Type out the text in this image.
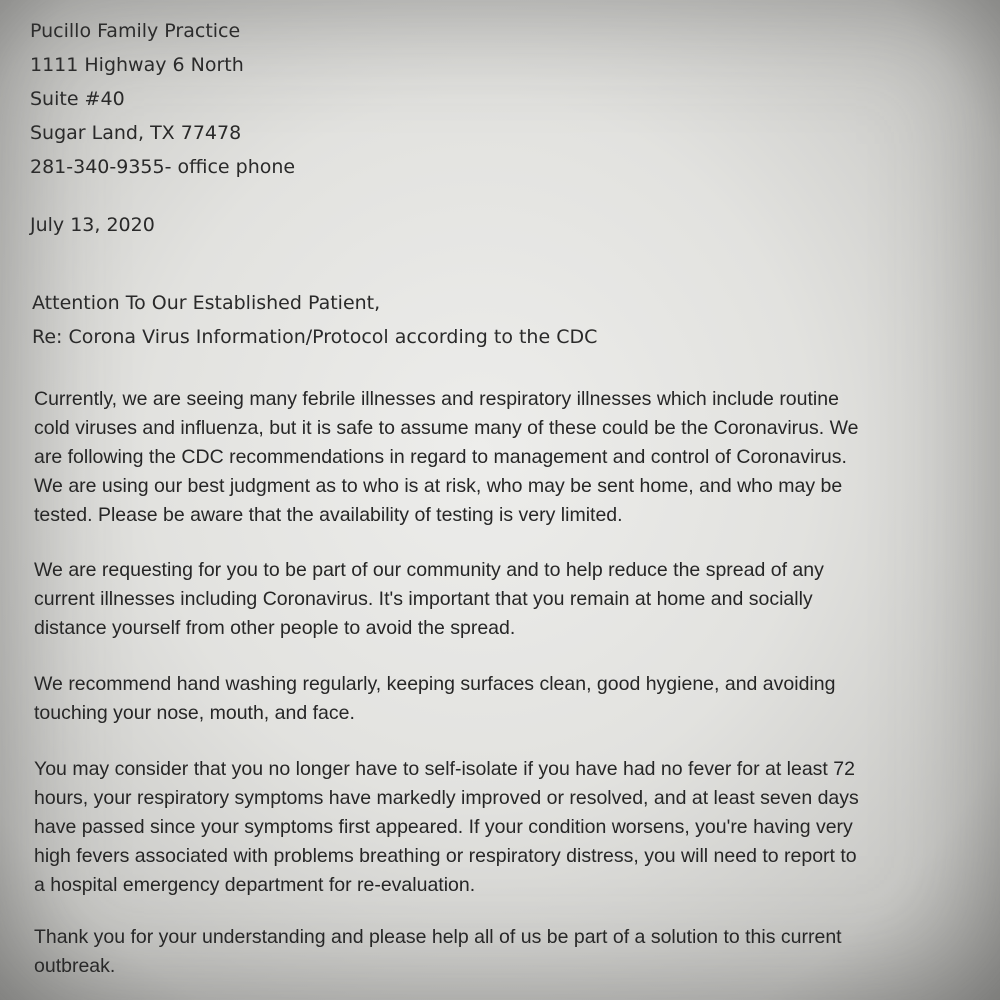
Pucillo Family Practice
1111 Highway 6 North
Suite #40
Sugar Land, TX 77478
281-340-9355- office phone
July 13, 2020
Attention To Our Established Patient,
Re: Corona Virus Information/Protocol according to the CDC
Currently, we are seeing many febrile illnesses and respiratory illnesses which include routine
cold viruses and influenza, but it is safe to assume many of these could be the Coronavirus. We
are following the CDC recommendations in regard to management and control of Coronavirus.
We are using our best judgment as to who is at risk, who may be sent home, and who may be
tested. Please be aware that the availability of testing is very limited.
We are requesting for you to be part of our community and to help reduce the spread of any
current illnesses including Coronavirus. It's important that you remain at home and socially
distance yourself from other people to avoid the spread.
We recommend hand washing regularly, keeping surfaces clean, good hygiene, and avoiding
touching your nose, mouth, and face.
You may consider that you no longer have to self-isolate if you have had no fever for at least 72
hours, your respiratory symptoms have markedly improved or resolved, and at least seven days
have passed since your symptoms first appeared. If your condition worsens, you're having very
high fevers associated with problems breathing or respiratory distress, you will need to report to
a hospital emergency department for re-evaluation.
Thank you for your understanding and please help all of us be part of a solution to this current
outbreak.
